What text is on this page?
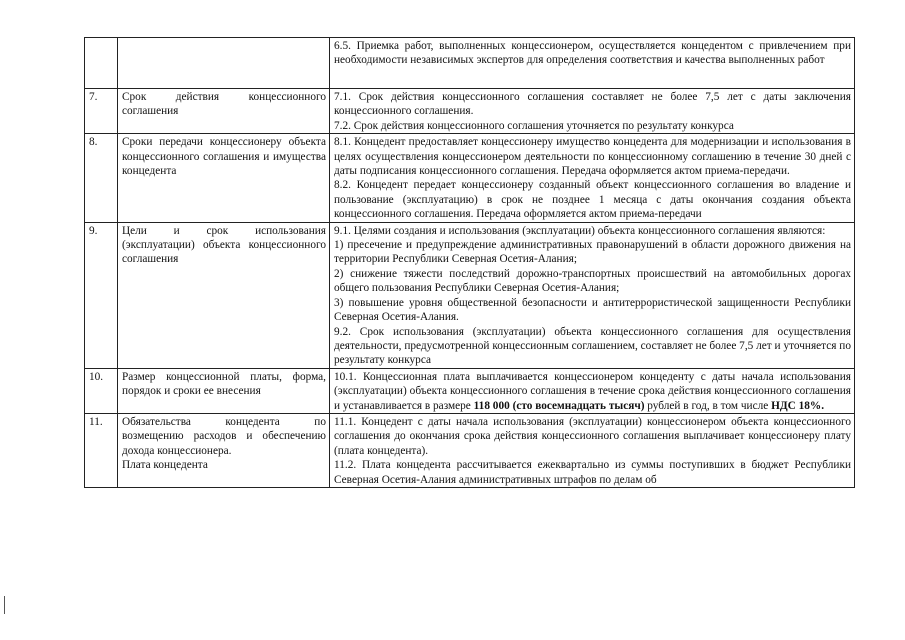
		6.5. Приемка работ, выполненных концессионером, осуществляется концедентом с привлечением при необходимости независимых экспертов для определения соответствия и качества выполненных работ

7.	Срок действия концессионного соглашения	7.1. Срок действия концессионного соглашения составляет не более 7,5 лет с даты заключения концессионного соглашения.
7.2. Срок действия концессионного соглашения уточняется по результату конкурса

8.	Сроки передачи концессионеру объекта концессионного соглашения и имущества концедента	8.1. Концедент предоставляет концессионеру имущество концедента для модернизации и использования в целях осуществления концессионером деятельности по концессионному соглашению в течение 30 дней с даты подписания концессионного соглашения. Передача оформляется актом приема-передачи.
8.2. Концедент передает концессионеру созданный объект концессионного соглашения во владение и пользование (эксплуатацию) в срок не позднее 1 месяца с даты окончания создания объекта концессионного соглашения. Передача оформляется актом приема-передачи

9.	Цели и срок использования (эксплуатации) объекта концессионного соглашения	9.1. Целями создания и использования (эксплуатации) объекта концессионного соглашения являются:
1) пресечение и предупреждение административных правонарушений в области дорожного движения на территории Республики Северная Осетия-Алания;
2) снижение тяжести последствий дорожно-транспортных происшествий на автомобильных дорогах общего пользования Республики Северная Осетия-Алания;
3) повышение уровня общественной безопасности и антитеррористической защищенности Республики Северная Осетия-Алания.
9.2. Срок использования (эксплуатации) объекта концессионного соглашения для осуществления деятельности, предусмотренной концессионным соглашением, составляет не более 7,5 лет и уточняется по результату конкурса

10.	Размер концессионной платы, форма, порядок и сроки ее внесения	10.1. Концессионная плата выплачивается концессионером концеденту с даты начала использования (эксплуатации) объекта концессионного соглашения в течение срока действия концессионного соглашения и устанавливается в размере 118 000 (сто восемнадцать тысяч) рублей в год, в том числе НДС 18%.

11.	Обязательства концедента по возмещению расходов и обеспечению дохода концессионера.
Плата концедента	11.1. Концедент с даты начала использования (эксплуатации) концессионером объекта концессионного соглашения до окончания срока действия концессионного соглашения выплачивает концессионеру плату (плата концедента).
11.2. Плата концедента рассчитывается ежеквартально из суммы поступивших в бюджет Республики Северная Осетия-Алания административных штрафов по делам об
